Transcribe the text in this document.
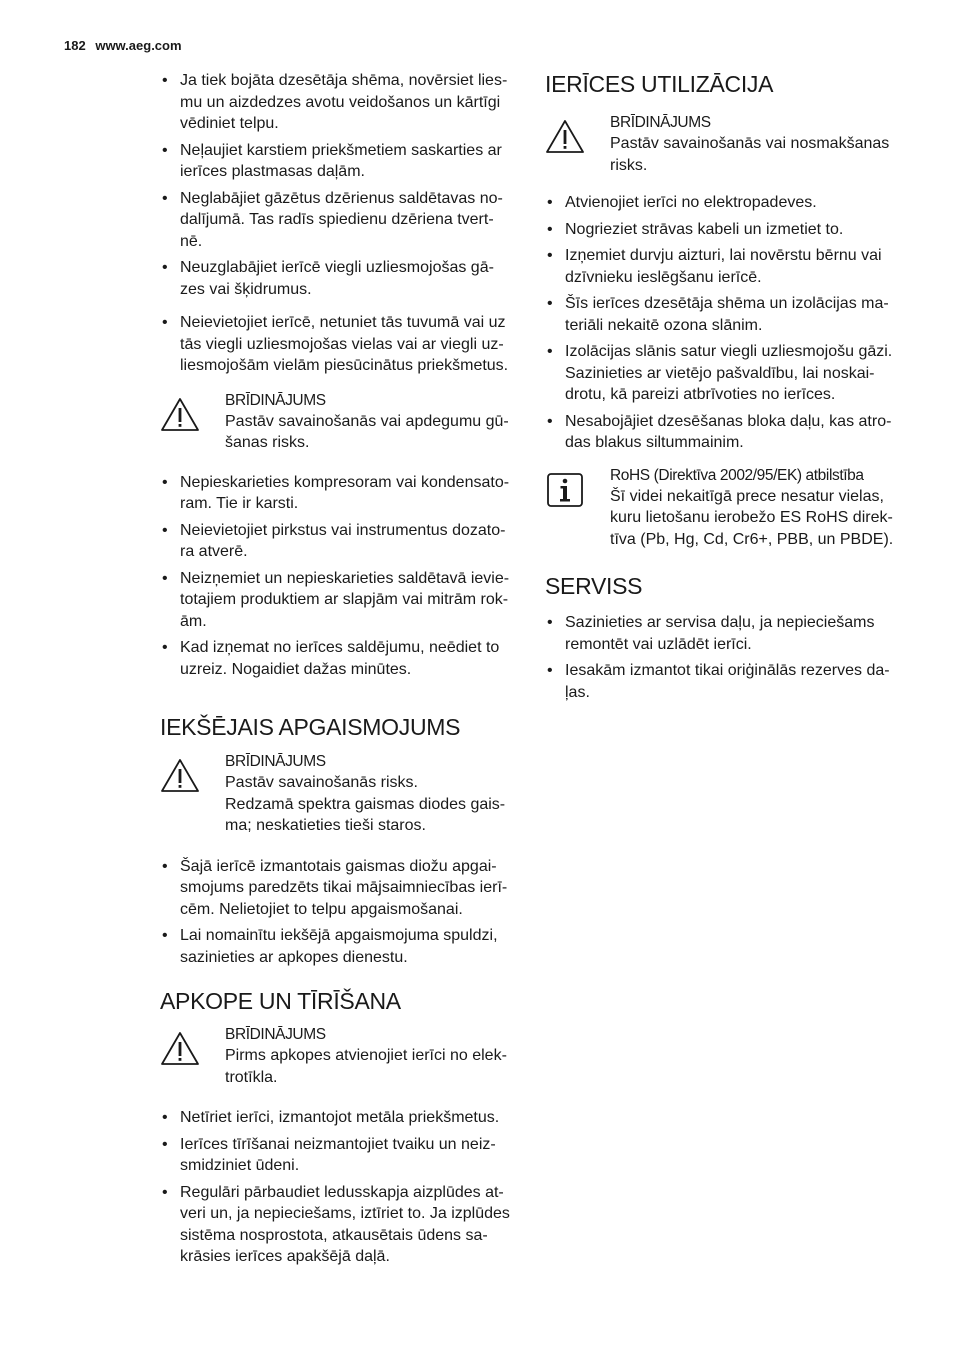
182 www.aeg.com
• Ja tiek bojāta dzesētāja shēma, novērsiet lies-
mu un aizdedzes avotu veidošanos un kārtīgi
vēdiniet telpu.
• Neļaujiet karstiem priekšmetiem saskarties ar
ierīces plastmasas daļām.
• Neglabājiet gāzētus dzērienus saldētavas no-
dalījumā. Tas radīs spiedienu dzēriena tvert-
nē.
• Neuzglabājiet ierīcē viegli uzliesmojošas gā-
zes vai šķidrumus.
• Neievietojiet ierīcē, netuniet tās tuvumā vai uz
tās viegli uzliesmojošas vielas vai ar viegli uz-
liesmojošām vielām piesūcinātus priekšmetus.
BRĪDINĀJUMS
Pastāv savainošanās vai apdegumu gū-
šanas risks.
• Nepieskarieties kompresoram vai kondensato-
ram. Tie ir karsti.
• Neievietojiet pirkstus vai instrumentus dozato-
ra atverē.
• Neizņemiet un nepieskarieties saldētavā ievie-
totajiem produktiem ar slapjām vai mitrām rok-
ām.
• Kad izņemat no ierīces saldējumu, neēdiet to
uzreiz. Nogaidiet dažas minūtes.
IEKŠĒJAIS APGAISMOJUMS
BRĪDINĀJUMS
Pastāv savainošanās risks.
Redzamā spektra gaismas diodes gais-
ma; neskatieties tieši staros.
• Šajā ierīcē izmantotais gaismas diožu apgai-
smojums paredzēts tikai mājsaimniecības ierī-
cēm. Nelietojiet to telpu apgaismošanai.
• Lai nomainītu iekšējā apgaismojuma spuldzi,
sazinieties ar apkopes dienestu.
APKOPE UN TĪRĪŠANA
BRĪDINĀJUMS
Pirms apkopes atvienojiet ierīci no elek-
trotīkla.
• Netīriet ierīci, izmantojot metāla priekšmetus.
• Ierīces tīrīšanai neizmantojiet tvaiku un neiz-
smidziniet ūdeni.
• Regulāri pārbaudiet ledusskapja aizplūdes at-
veri un, ja nepieciešams, iztīriet to. Ja izplūdes
sistēma nosprostota, atkausētais ūdens sa-
krāsies ierīces apakšējā daļā.
IERĪCES UTILIZĀCIJA
BRĪDINĀJUMS
Pastāv savainošanās vai nosmakšanas
risks.
• Atvienojiet ierīci no elektropadeves.
• Nogrieziet strāvas kabeli un izmetiet to.
• Izņemiet durvju aizturi, lai novērstu bērnu vai
dzīvnieku ieslēgšanu ierīcē.
• Šīs ierīces dzesētāja shēma un izolācijas ma-
teriāli nekaitē ozona slānim.
• Izolācijas slānis satur viegli uzliesmojošu gāzi.
Sazinieties ar vietējo pašvaldību, lai noskai-
drotu, kā pareizi atbrīvoties no ierīces.
• Nesabojājiet dzesēšanas bloka daļu, kas atro-
das blakus siltummainim.
RoHS (Direktīva 2002/95/EK) atbilstība
Šī videi nekaitīgā prece nesatur vielas,
kuru lietošanu ierobežo ES RoHS direk-
tīva (Pb, Hg, Cd, Cr6+, PBB, un PBDE).
SERVISS
• Sazinieties ar servisa daļu, ja nepieciešams
remontēt vai uzlādēt ierīci.
• Iesakām izmantot tikai oriģinālās rezerves da-
ļas.
